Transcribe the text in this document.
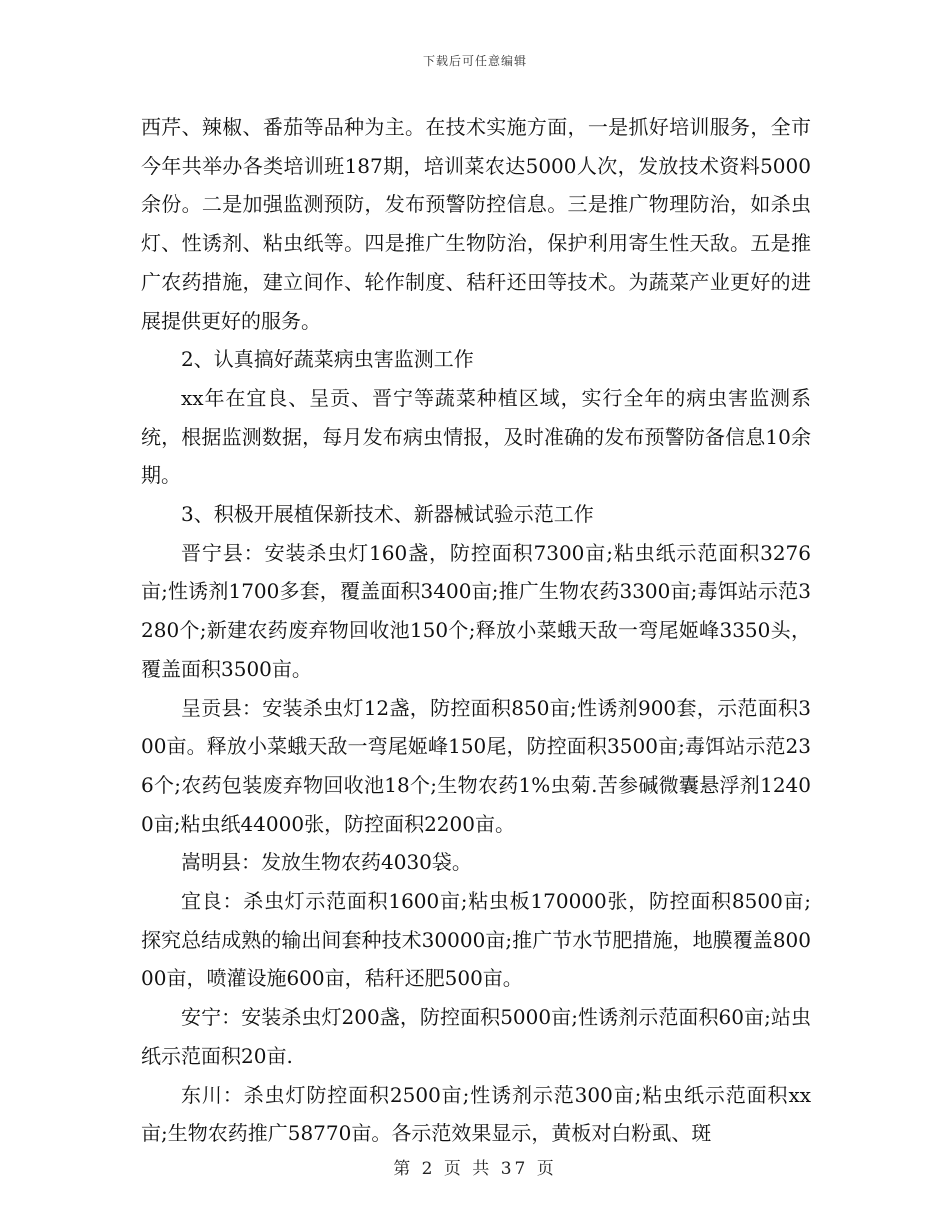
下载后可任意编辑

西芹、辣椒、番茄等品种为主。在技术实施方面，一是抓好培训服务，全市今年共举办各类培训班187期，培训菜农达5000人次，发放技术资料5000余份。二是加强监测预防，发布预警防控信息。三是推广物理防治，如杀虫灯、性诱剂、粘虫纸等。四是推广生物防治，保护利用寄生性天敌。五是推广农药措施，建立间作、轮作制度、秸秆还田等技术。为蔬菜产业更好的进展提供更好的服务。

2、认真搞好蔬菜病虫害监测工作

xx年在宜良、呈贡、晋宁等蔬菜种植区域，实行全年的病虫害监测系统，根据监测数据，每月发布病虫情报，及时准确的发布预警防备信息10余期。

3、积极开展植保新技术、新器械试验示范工作

晋宁县：安装杀虫灯160盏，防控面积7300亩;粘虫纸示范面积3276亩;性诱剂1700多套，覆盖面积3400亩;推广生物农药3300亩;毒饵站示范3280个;新建农药废弃物回收池150个;释放小菜蛾天敌一弯尾姬峰3350头，覆盖面积3500亩。

呈贡县：安装杀虫灯12盏，防控面积850亩;性诱剂900套，示范面积300亩。释放小菜蛾天敌一弯尾姬峰150尾，防控面积3500亩;毒饵站示范236个;农药包装废弃物回收池18个;生物农药1%虫菊.苦参碱微囊悬浮剂12400亩;粘虫纸44000张，防控面积2200亩。

嵩明县：发放生物农药4030袋。

宜良：杀虫灯示范面积1600亩;粘虫板170000张，防控面积8500亩;探究总结成熟的输出间套种技术30000亩;推广节水节肥措施，地膜覆盖80000亩，喷灌设施600亩，秸秆还肥500亩。

安宁：安装杀虫灯200盏，防控面积5000亩;性诱剂示范面积60亩;站虫纸示范面积20亩.

东川：杀虫灯防控面积2500亩;性诱剂示范300亩;粘虫纸示范面积xx亩;生物农药推广58770亩。各示范效果显示，黄板对白粉虱、斑

第 2 页 共 37 页
